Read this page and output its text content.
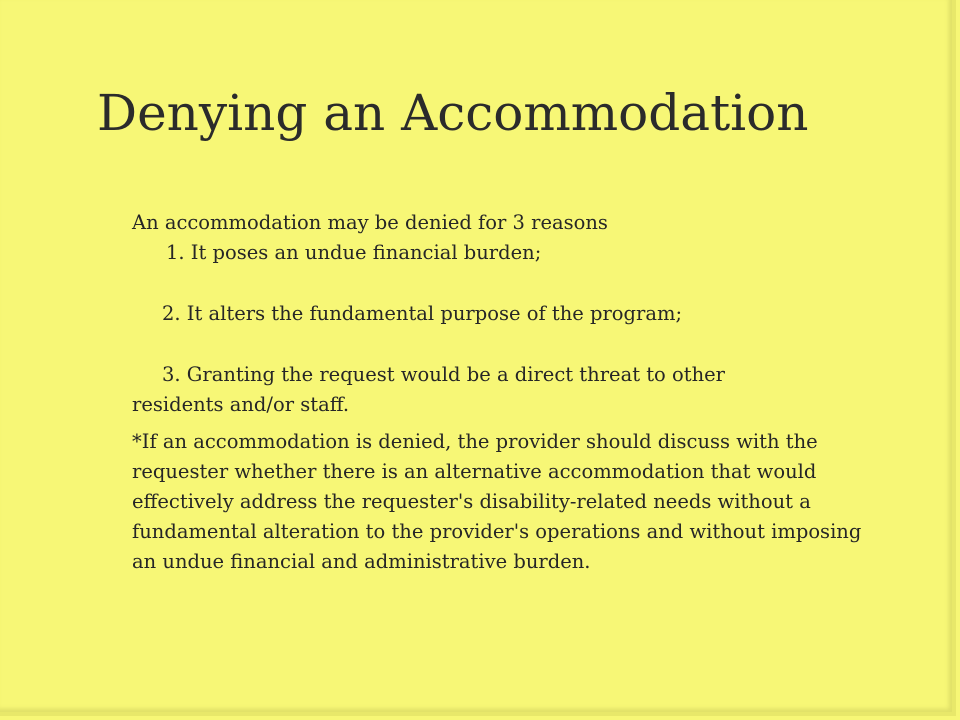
Denying an Accommodation

An accommodation may be denied for 3 reasons

1. It poses an undue financial burden;

2. It alters the fundamental purpose of the program;

3. Granting the request would be a direct threat to other
residents and/or staff.

*If an accommodation is denied, the provider should discuss with the requester whether there is an alternative accommodation that would effectively address the requester's disability-related needs without a fundamental alteration to the provider's operations and without imposing an undue financial and administrative burden.
